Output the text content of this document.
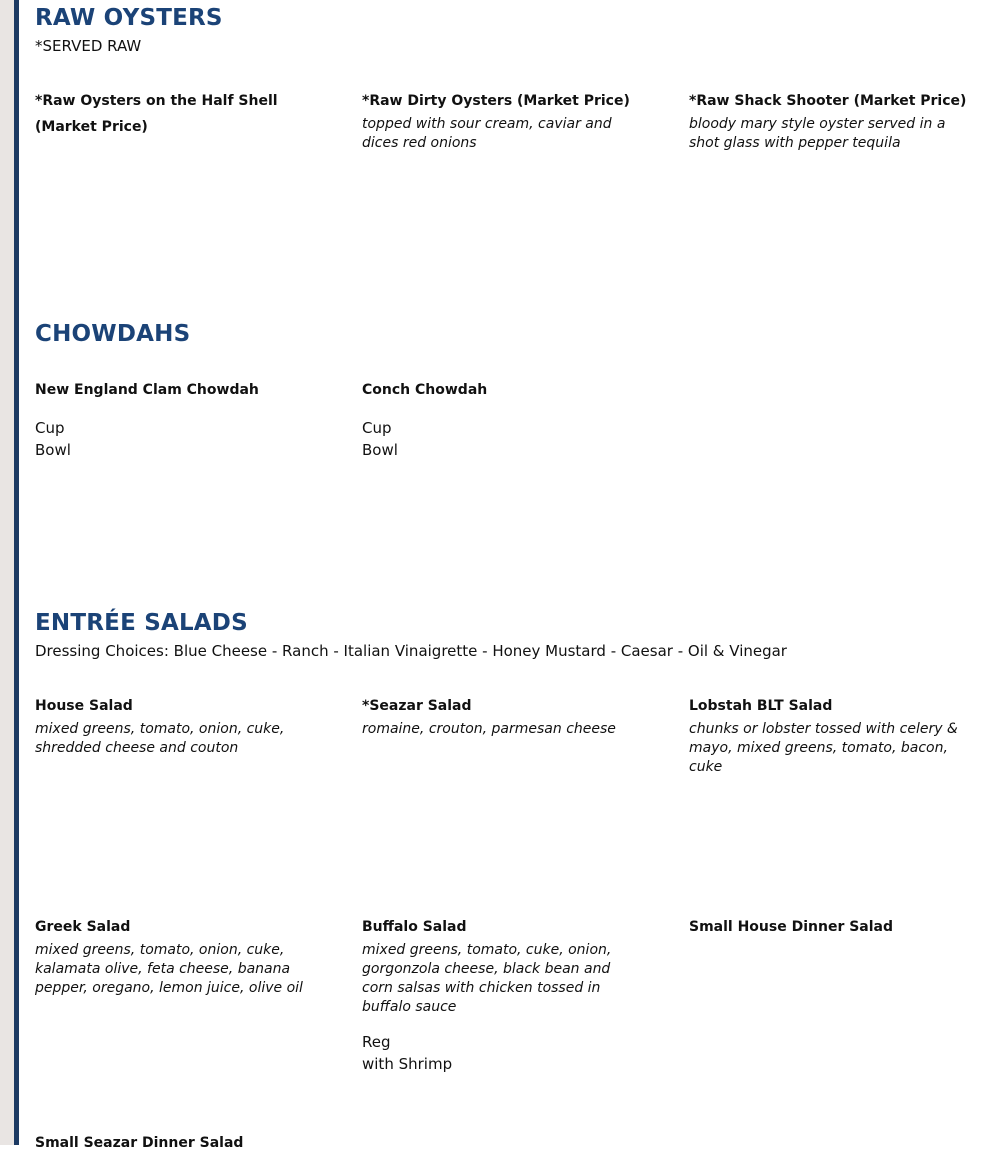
RAW OYSTERS

*SERVED RAW

*Raw Oysters on the Half Shell (Market Price)
*Raw Dirty Oysters (Market Price)
topped with sour cream, caviar and dices red onions
*Raw Shack Shooter (Market Price)
bloody mary style oyster served in a shot glass with pepper tequila
CHOWDAHS
New England Clam Chowdah
Cup
Bowl
Conch Chowdah
Cup
Bowl
ENTRÉE SALADS

Dressing Choices: Blue Cheese - Ranch - Italian Vinaigrette - Honey Mustard - Caesar - Oil & Vinegar

House Salad
mixed greens, tomato, onion, cuke, shredded cheese and couton
*Seazar Salad
romaine, crouton, parmesan cheese
Lobstah BLT Salad
chunks or lobster tossed with celery & mayo, mixed greens, tomato, bacon, cuke
Greek Salad
mixed greens, tomato, onion, cuke, kalamata olive, feta cheese, banana pepper, oregano, lemon juice, olive oil
Buffalo Salad
mixed greens, tomato, cuke, onion, gorgonzola cheese, black bean and corn salsas with chicken tossed in buffalo sauce
Reg
with Shrimp
Small House Dinner Salad
Small Seazar Dinner Salad
